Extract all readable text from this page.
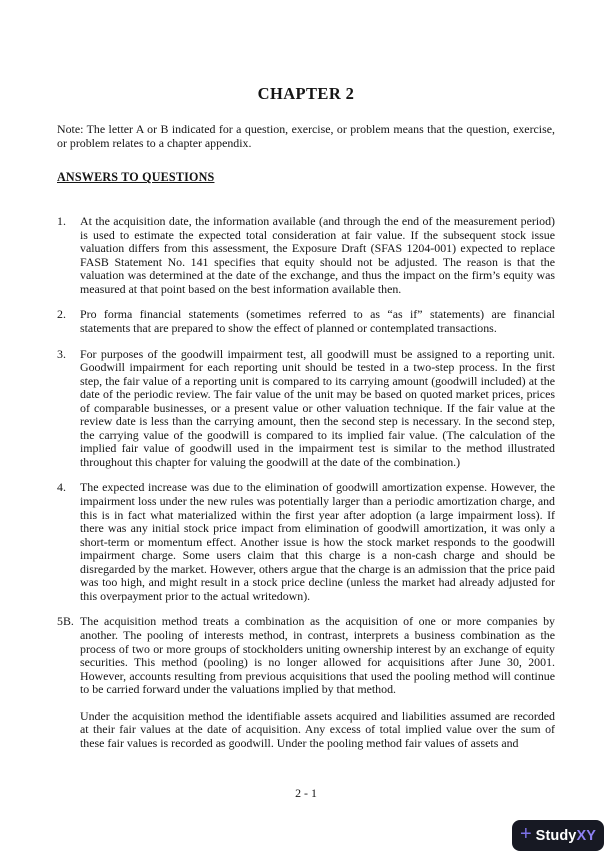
CHAPTER 2

Note: The letter A or B indicated for a question, exercise, or problem means that the question, exercise, or problem relates to a chapter appendix.

ANSWERS TO QUESTIONS
1.	At the acquisition date, the information available (and through the end of the measurement period) is used to estimate the expected total consideration at fair value. If the subsequent stock issue valuation differs from this assessment, the Exposure Draft (SFAS 1204-001) expected to replace FASB Statement No. 141 specifies that equity should not be adjusted. The reason is that the valuation was determined at the date of the exchange, and thus the impact on the firm’s equity was measured at that point based on the best information available then.

2.	Pro forma financial statements (sometimes referred to as “as if” statements) are financial statements that are prepared to show the effect of planned or contemplated transactions.

3.	For purposes of the goodwill impairment test, all goodwill must be assigned to a reporting unit. Goodwill impairment for each reporting unit should be tested in a two-step process. In the first step, the fair value of a reporting unit is compared to its carrying amount (goodwill included) at the date of the periodic review. The fair value of the unit may be based on quoted market prices, prices of comparable businesses, or a present value or other valuation technique. If the fair value at the review date is less than the carrying amount, then the second step is necessary. In the second step, the carrying value of the goodwill is compared to its implied fair value. (The calculation of the implied fair value of goodwill used in the impairment test is similar to the method illustrated throughout this chapter for valuing the goodwill at the date of the combination.)

4.	The expected increase was due to the elimination of goodwill amortization expense. However, the impairment loss under the new rules was potentially larger than a periodic amortization charge, and this is in fact what materialized within the first year after adoption (a large impairment loss). If there was any initial stock price impact from elimination of goodwill amortization, it was only a short-term or momentum effect. Another issue is how the stock market responds to the goodwill impairment charge. Some users claim that this charge is a non-cash charge and should be disregarded by the market. However, others argue that the charge is an admission that the price paid was too high, and might result in a stock price decline (unless the market had already adjusted for this overpayment prior to the actual writedown).

5B. The acquisition method treats a combination as the acquisition of one or more companies by another. The pooling of interests method, in contrast, interprets a business combination as the process of two or more groups of stockholders uniting ownership interest by an exchange of equity securities. This method (pooling) is no longer allowed for acquisitions after June 30, 2001. However, accounts resulting from previous acquisitions that used the pooling method will continue to be carried forward under the valuations implied by that method.

Under the acquisition method the identifiable assets acquired and liabilities assumed are recorded at their fair values at the date of acquisition. Any excess of total implied value over the sum of these fair values is recorded as goodwill. Under the pooling method fair values of assets and

2 - 1
+ StudyXY
